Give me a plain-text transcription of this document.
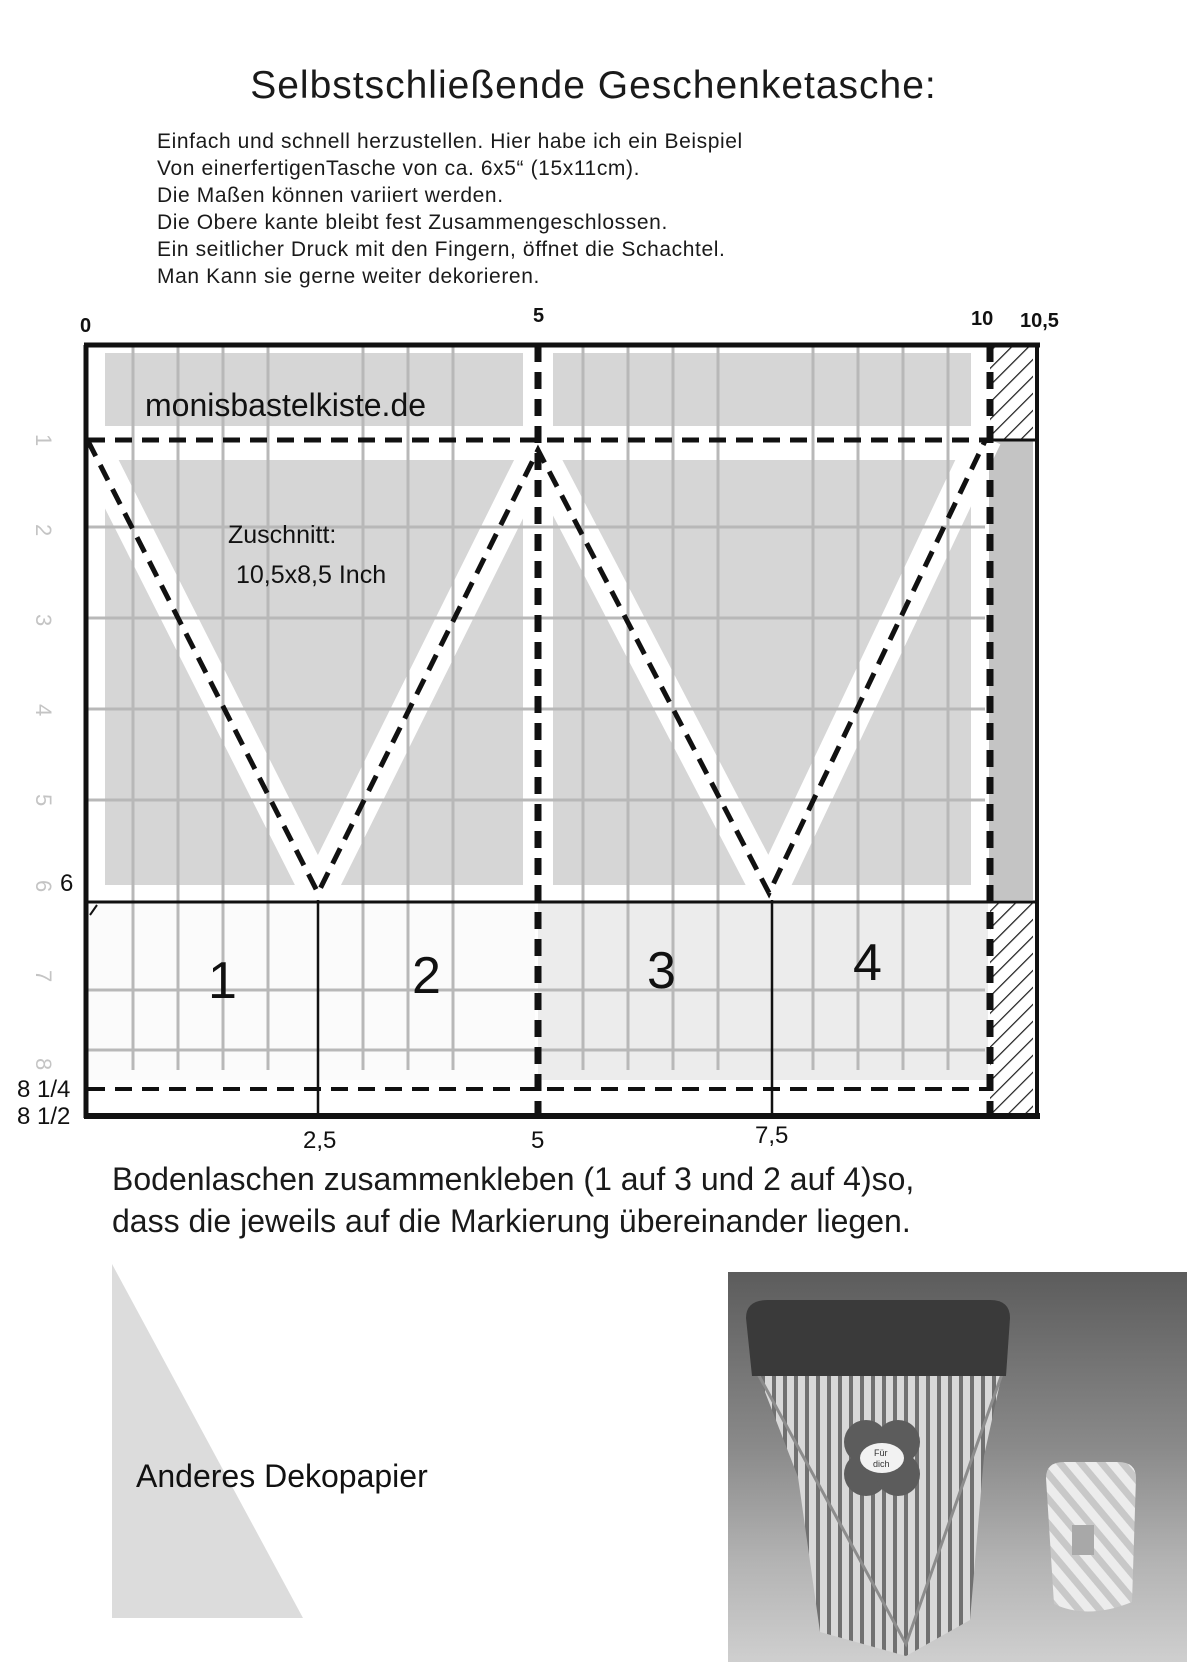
Selbstschließende Geschenketasche:
Einfach und schnell herzustellen. Hier habe ich ein Beispiel
Von einerfertigenTasche von ca. 6x5“ (15x11cm).
Die Maßen können variiert werden.
Die Obere kante bleibt fest Zusammengeschlossen.
Ein seitlicher Druck mit den Fingern, öffnet die Schachtel.
Man Kann sie gerne weiter dekorieren.
monisbastelkiste.de
Zuschnitt:
10,5x8,5 Inch
1	2	3	4
0	5	10 10,5
1
2
3
4
5
6
7
8
6
8 1/4
8 1/2
2,5	5	7,5
Bodenlaschen zusammenkleben (1 auf 3 und 2 auf 4)so,
dass die jeweils auf die Markierung übereinander liegen.
Anderes Dekopapier
Für
dich
